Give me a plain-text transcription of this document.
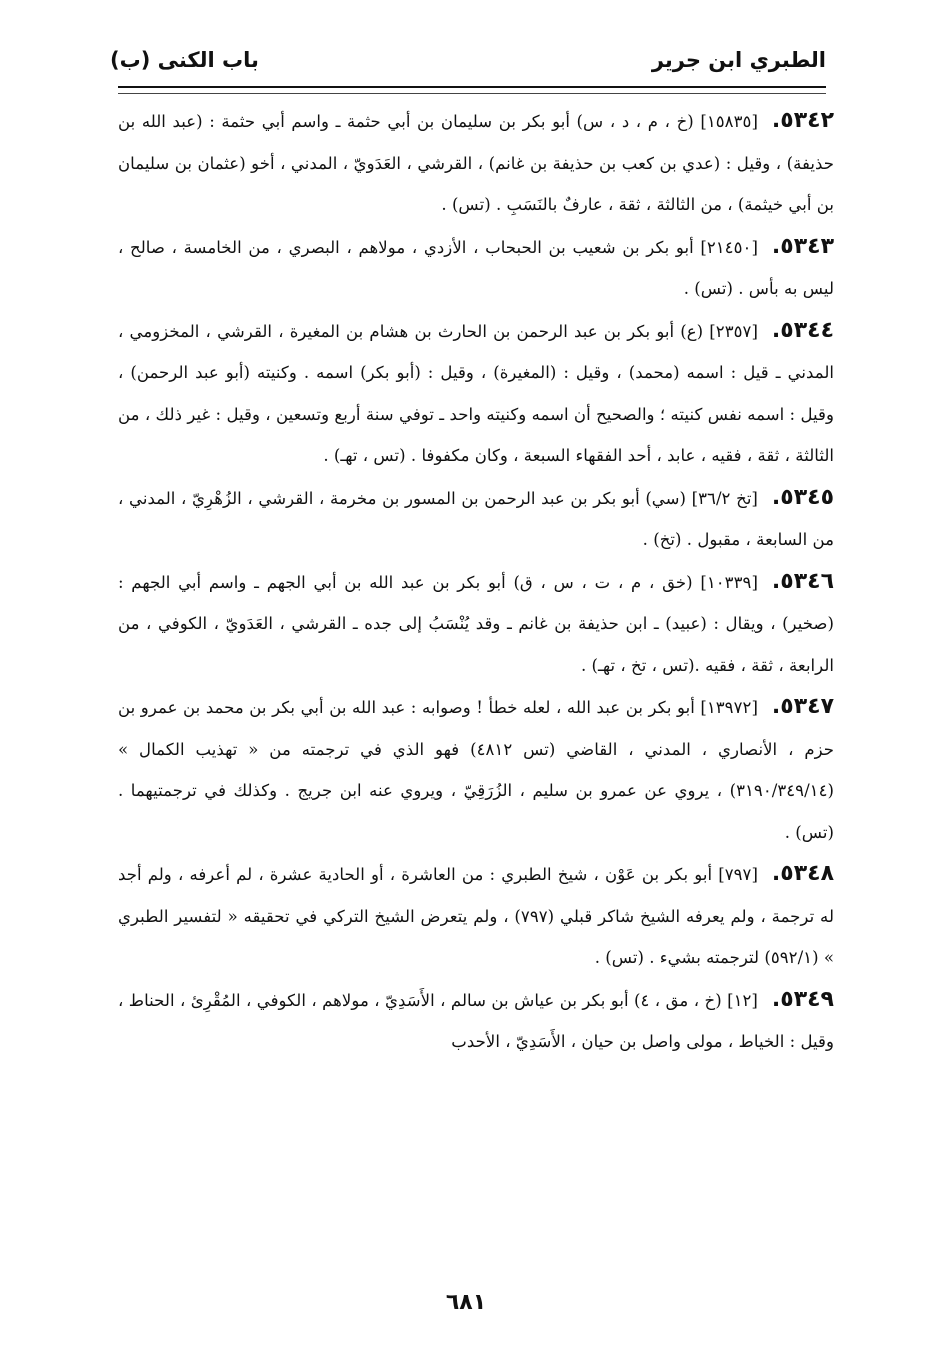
الطبري ابن جرير
باب الكنى (ب)

٥٣٤٢.[١٥٨٣٥] (خ ، م ، د ، س) أبو بكر بن سليمان بن أبي حثمة ـ واسم أبي حثمة : (عبد الله بن حذيفة) ، وقيل : (عدي بن كعب بن حذيفة بن غانم) ، القرشي ، العَدَويّ ، المدني ، أخو (عثمان بن سليمان بن أبي خيثمة) ، من الثالثة ، ثقة ، عارفٌ بالنَسَبِ . (تس) .

٥٣٤٣.[٢١٤٥٠] أبو بكر بن شعيب بن الحبحاب ، الأزدي ، مولاهم ، البصري ، من الخامسة ، صالح ، ليس به بأس . (تس) .

٥٣٤٤.[٢٣٥٧] (ع) أبو بكر بن عبد الرحمن بن الحارث بن هشام بن المغيرة ، القرشي ، المخزومي ، المدني ـ قيل : اسمه (محمد) ، وقيل : (المغيرة) ، وقيل : (أبو بكر) اسمه . وكنيته (أبو عبد الرحمن) ، وقيل : اسمه نفس كنيته ؛ والصحيح أن اسمه وكنيته واحد ـ توفي سنة أربع وتسعين ، وقيل : غير ذلك ، من الثالثة ، ثقة ، فقيه ، عابد ، أحد الفقهاء السبعة ، وكان مكفوفا . (تس ، تهـ) .

٥٣٤٥.[تخ ٣٦/٢] (سي) أبو بكر بن عبد الرحمن بن المسور بن مخرمة ، القرشي ، الزُهْرِيّ ، المدني ، من السابعة ، مقبول . (تخ) .

٥٣٤٦.[١٠٣٣٩] (خق ، م ، ت ، س ، ق) أبو بكر بن عبد الله بن أبي الجهم ـ واسم أبي الجهم : (صخير) ، ويقال : (عبيد) ـ ابن حذيفة بن غانم ـ وقد يُنْسَبُ إلى جده ـ القرشي ، العَدَويّ ، الكوفي ، من الرابعة ، ثقة ، فقيه .(تس ، تخ ، تهـ) .

٥٣٤٧.[١٣٩٧٢] أبو بكر بن عبد الله ، لعله خطأ ! وصوابه : عبد الله بن أبي بكر بن محمد بن عمرو بن حزم ، الأنصاري ، المدني ، القاضي (تس ٤٨١٢) فهو الذي في ترجمته من « تهذيب الكمال » (٣١٩٠/٣٤٩/١٤) ، يروي عن عمرو بن سليم ، الزُرَقِيّ ، ويروي عنه ابن جريج . وكذلك في ترجمتيهما . (تس) .

٥٣٤٨.[٧٩٧] أبو بكر بن عَوْن ، شيخ الطبري : من العاشرة ، أو الحادية عشرة ، لم أعرفه ، ولم أجد له ترجمة ، ولم يعرفه الشيخ شاكر قبلي (٧٩٧) ، ولم يتعرض الشيخ التركي في تحقيقه « لتفسير الطبري » (٥٩٢/١) لترجمته بشيء . (تس) .

٥٣٤٩.[١٢] (خ ، مق ، ٤) أبو بكر بن عياش بن سالم ، الأَسَدِيّ ، مولاهم ، الكوفي ، المُقْرِئ ، الحناط ، وقيل : الخياط ، مولى واصل بن حيان ، الأَسَدِيّ ، الأحدب

٦٨١
